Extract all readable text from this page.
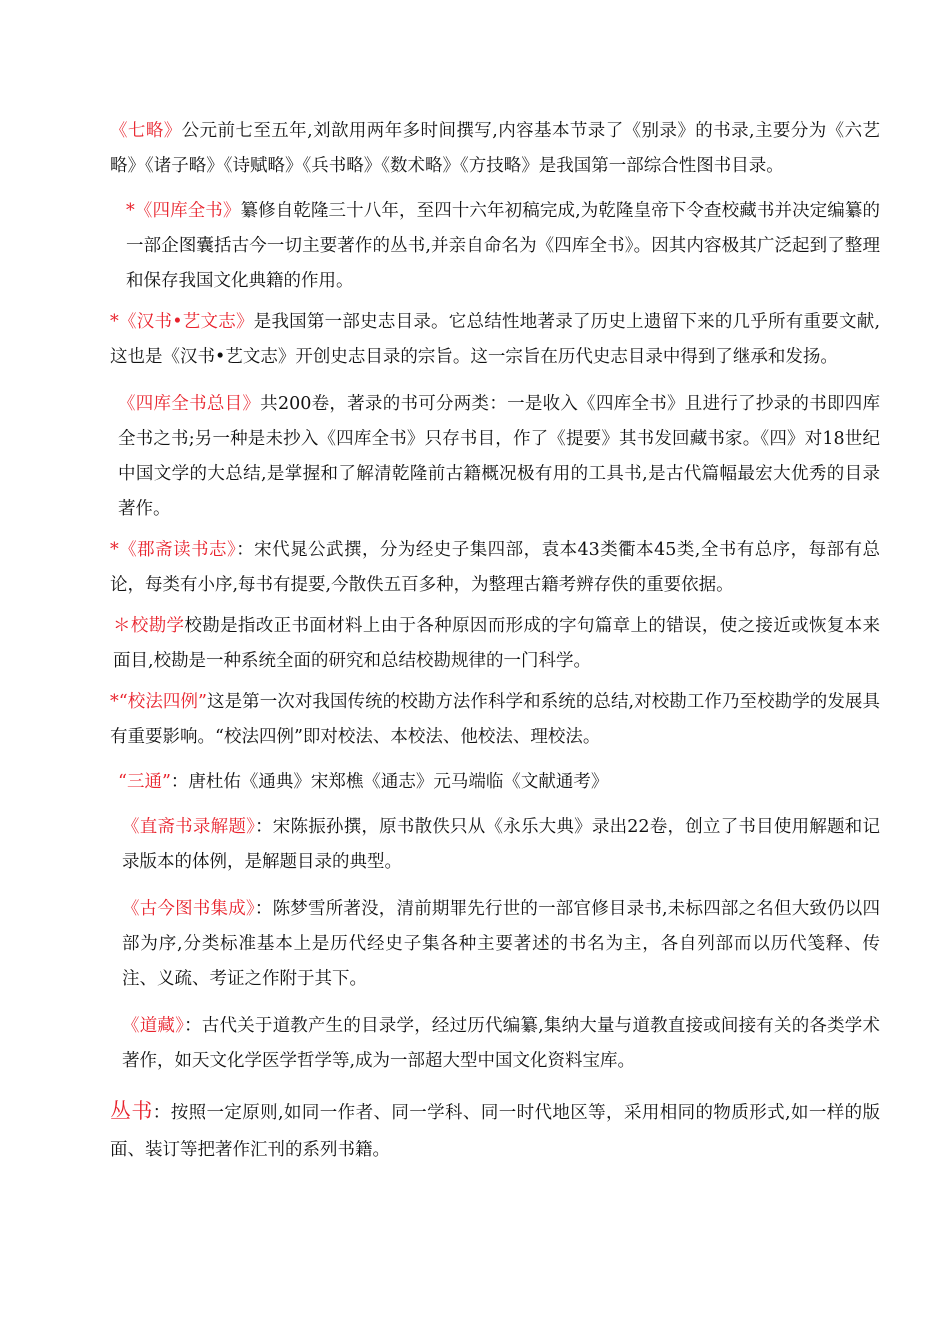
《七略》公元前七至五年,刘歆用两年多时间撰写,内容基本节录了《别录》的书录,主要分为《六艺略》《诸子略》《诗赋略》《兵书略》《数术略》《方技略》是我国第一部综合性图书目录。

*《四库全书》纂修自乾隆三十八年，至四十六年初稿完成,为乾隆皇帝下令查校藏书并决定编纂的一部企图囊括古今一切主要著作的丛书,并亲自命名为《四库全书》。因其内容极其广泛起到了整理和保存我国文化典籍的作用。

*《汉书•艺文志》是我国第一部史志目录。它总结性地著录了历史上遗留下来的几乎所有重要文献,这也是《汉书•艺文志》开创史志目录的宗旨。这一宗旨在历代史志目录中得到了继承和发扬。

《四库全书总目》共200卷，著录的书可分两类：一是收入《四库全书》且进行了抄录的书即四库全书之书;另一种是未抄入《四库全书》只存书目，作了《提要》其书发回藏书家。《四》对18世纪中国文学的大总结,是掌握和了解清乾隆前古籍概况极有用的工具书,是古代篇幅最宏大优秀的目录著作。

*《郡斋读书志》：宋代晁公武撰，分为经史子集四部，袁本43类衢本45类,全书有总序，每部有总论，每类有小序,每书有提要,今散佚五百多种，为整理古籍考辨存佚的重要依据。

＊校勘学校勘是指改正书面材料上由于各种原因而形成的字句篇章上的错误，使之接近或恢复本来面目,校勘是一种系统全面的研究和总结校勘规律的一门科学。

*“校法四例”这是第一次对我国传统的校勘方法作科学和系统的总结,对校勘工作乃至校勘学的发展具有重要影响。“校法四例”即对校法、本校法、他校法、理校法。

“三通”：唐杜佑《通典》宋郑樵《通志》元马端临《文献通考》

《直斋书录解题》：宋陈振孙撰，原书散佚只从《永乐大典》录出22卷，创立了书目使用解题和记录版本的体例，是解题目录的典型。

《古今图书集成》：陈梦雪所著没，清前期罪先行世的一部官修目录书,未标四部之名但大致仍以四部为序,分类标准基本上是历代经史子集各种主要著述的书名为主，各自列部而以历代笺释、传注、义疏、考证之作附于其下。

《道藏》：古代关于道教产生的目录学，经过历代编纂,集纳大量与道教直接或间接有关的各类学术著作，如天文化学医学哲学等,成为一部超大型中国文化资料宝库。

丛书：按照一定原则,如同一作者、同一学科、同一时代地区等，采用相同的物质形式,如一样的版面、装订等把著作汇刊的系列书籍。
